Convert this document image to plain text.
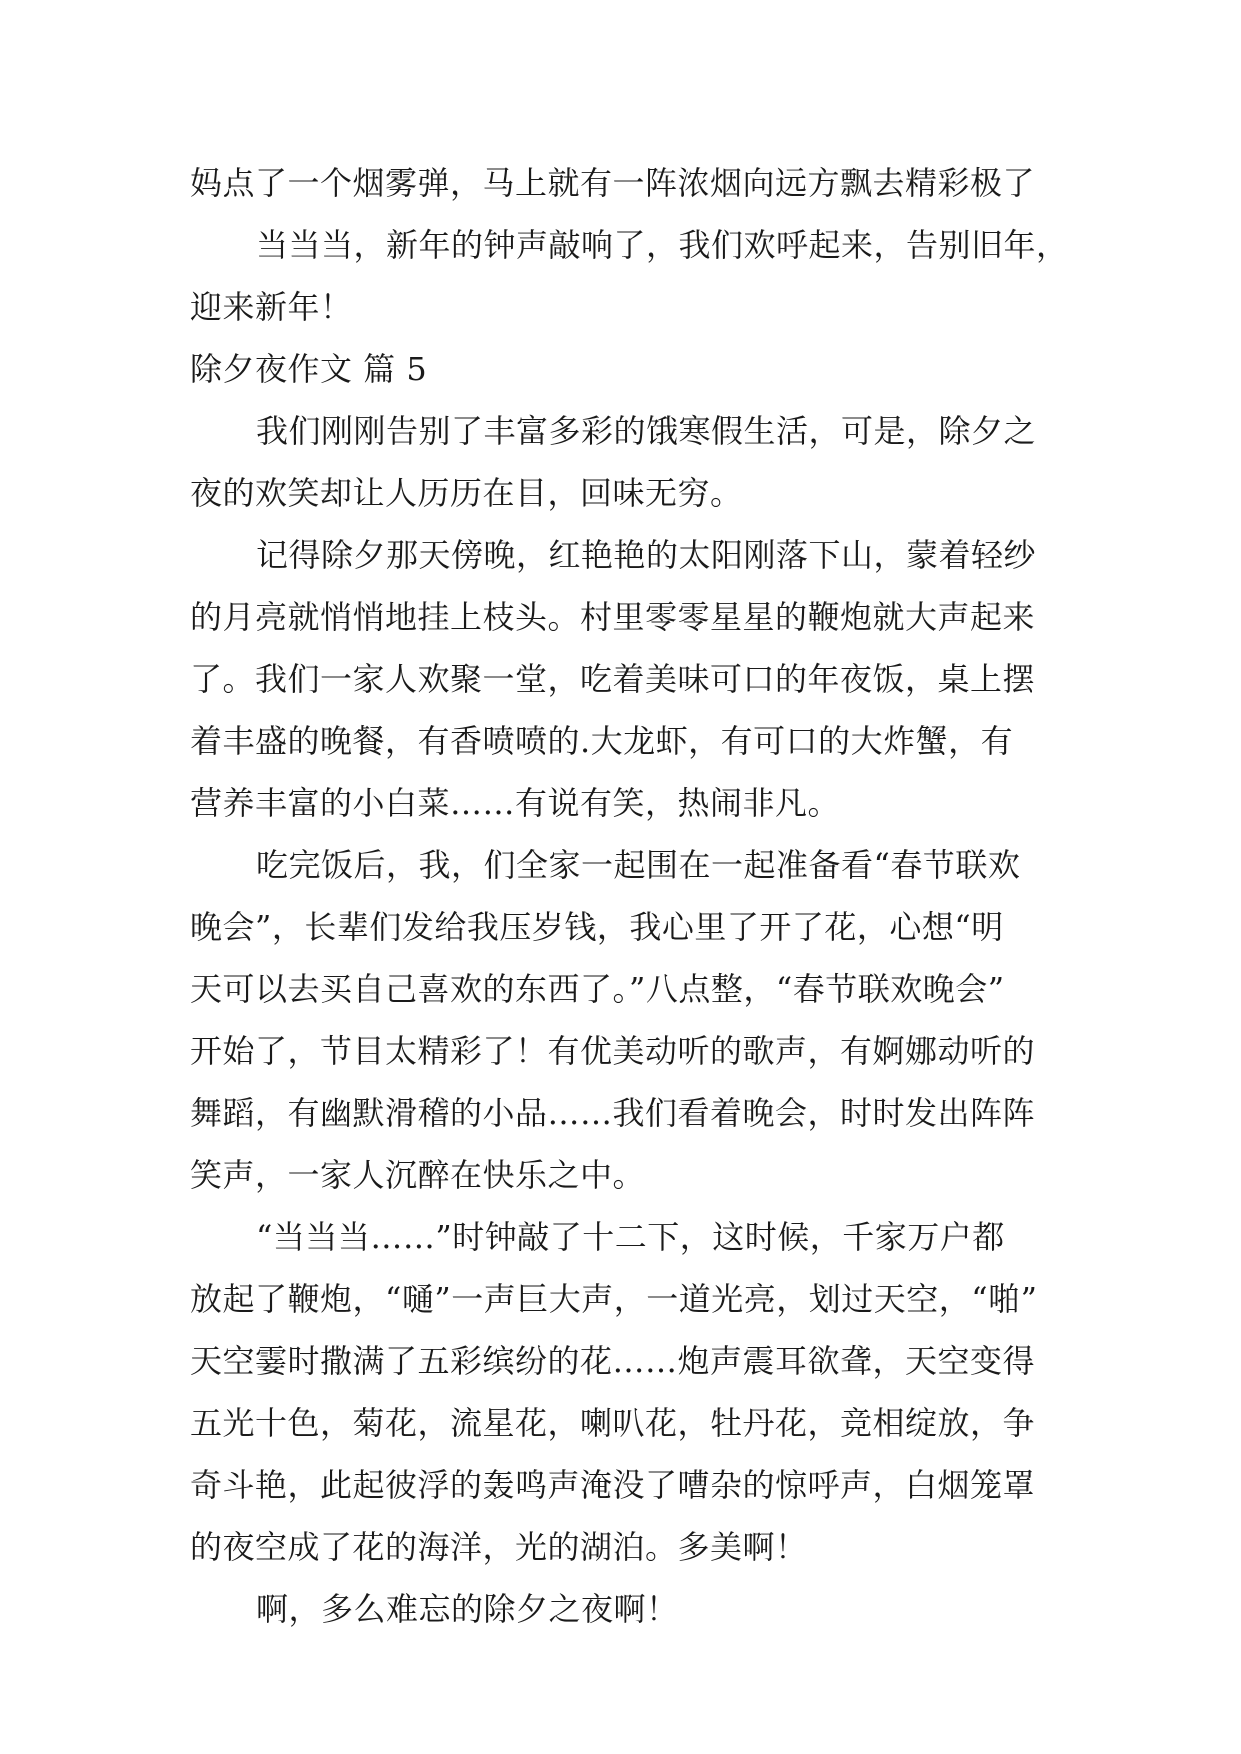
妈点了一个烟雾弹，马上就有一阵浓烟向远方飘去精彩极了
当当当，新年的钟声敲响了，我们欢呼起来，告别旧年，
迎来新年！
除夕夜作文 篇 5
我们刚刚告别了丰富多彩的饿寒假生活，可是，除夕之
夜的欢笑却让人历历在目，回味无穷。
记得除夕那天傍晚，红艳艳的太阳刚落下山，蒙着轻纱
的月亮就悄悄地挂上枝头。村里零零星星的鞭炮就大声起来
了。我们一家人欢聚一堂，吃着美味可口的年夜饭，桌上摆
着丰盛的晚餐，有香喷喷的.大龙虾，有可口的大炸蟹，有
营养丰富的小白菜……有说有笑，热闹非凡。
吃完饭后，我，们全家一起围在一起准备看“春节联欢
晚会”，长辈们发给我压岁钱，我心里了开了花，心想“明
天可以去买自己喜欢的东西了。”八点整，“春节联欢晚会”
开始了，节目太精彩了！有优美动听的歌声，有婀娜动听的
舞蹈，有幽默滑稽的小品……我们看着晚会，时时发出阵阵
笑声，一家人沉醉在快乐之中。
“当当当……”时钟敲了十二下，这时候，千家万户都
放起了鞭炮，“嗵”一声巨大声，一道光亮，划过天空，“啪”
天空霎时撒满了五彩缤纷的花……炮声震耳欲聋，天空变得
五光十色，菊花，流星花，喇叭花，牡丹花，竞相绽放，争
奇斗艳，此起彼浮的轰鸣声淹没了嘈杂的惊呼声，白烟笼罩
的夜空成了花的海洋，光的湖泊。多美啊！
啊，多么难忘的除夕之夜啊！
